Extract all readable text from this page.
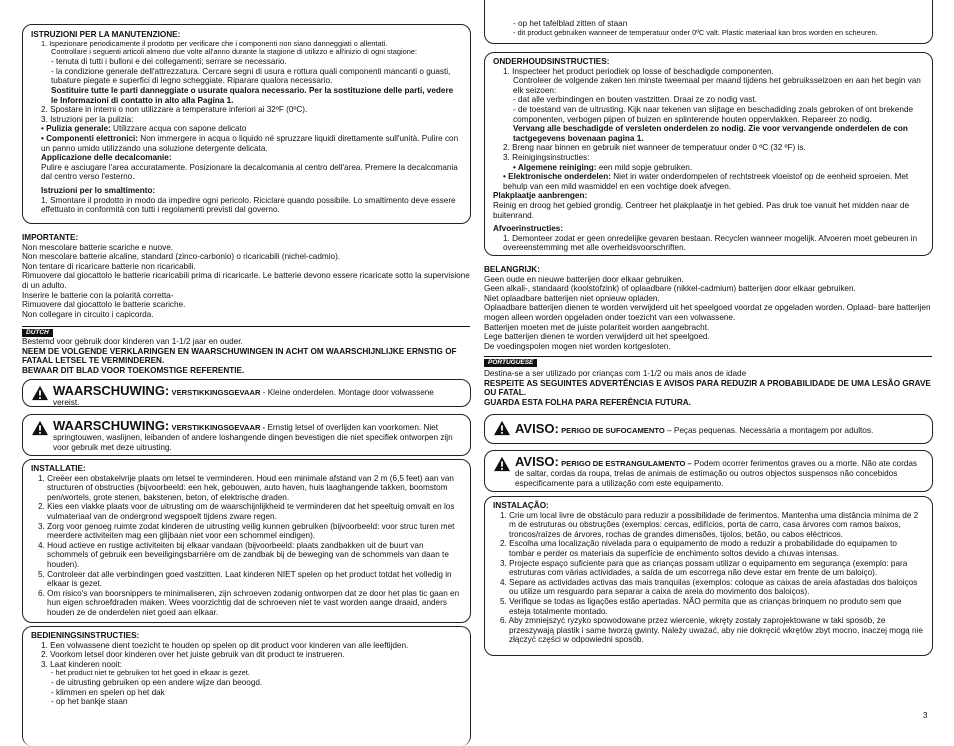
ISTRUZIONI PER LA MANUTENZIONE:

1. Ispezionare periodicamente il prodotto per verificare che i componenti non siano danneggiati o allentati.

Controllare i seguenti articoli almeno due volte all'anno durante la stagione di utilizzo e all'inizio di ogni stagione:

- tenuta di tutti i bulloni e dei collegamenti; serrare se necessario.

- la condizione generale dell'attrezzatura. Cercare segni di usura e rottura quali componenti mancanti o guasti, tubature piegate e superfici di legno scheggiate. Riparare qualora necessario.

Sostituire tutte le parti danneggiate o usurate qualora necessario. Per la sostituzione delle parti, vedere le Informazioni di contatto in alto alla Pagina 1.

2. Spostare in interni o non utilizzare a temperature inferiori ai 32ºF (0ºC).

3. Istruzioni per la pulizia:

• Pulizia generale: Utilizzare acqua con sapone delicato

• Componenti elettronici: Non immergere in acqua o liquido né spruzzare liquidi direttamente sull'unità. Pulire con un panno umido utilizzando una soluzione detergente delicata.

Applicazione delle decalcomanie:

Pulire e asciugare l'area accuratamente. Posizionare la decalcomania al centro dell'area. Premere la decalcomania dal centro verso l'esterno.

Istruzioni per lo smaltimento:

1. Smontare il prodotto in modo da impedire ogni pericolo. Riciclare quando possibile. Lo smaltimento deve essere effettuato in conformità con tutti i regolamenti previsti dal governo.

IMPORTANTE:

Non mescolare batterie scariche e nuove.

Non mescolare batterie alcaline, standard (zinco-carbonio) o ricaricabili (nichel-cadmio).

Non tentare di ricaricare batterie non ricaricabili.

Rimuovere dal giocattolo le batterie ricaricabili prima di ricaricarle. Le batterie devono essere ricaricate sotto la supervisione di un adulto.

Inserire le batterie con la polarità corretta-

Rimuovere dal giocattolo le batterie scariche.

Non collegare in circuito i capicorda.

DUTCH

Bestemd voor gebruik door kinderen van 1-1/2 jaar en ouder.

NEEM DE VOLGENDE VERKLARINGEN EN WAARSCHUWINGEN IN ACHT OM WAARSCHIJNLIJKE ERNSTIG OF FATAAL LETSEL TE VERMINDEREN.

BEWAAR DIT BLAD VOOR TOEKOMSTIGE REFERENTIE.

WAARSCHUWING: VERSTIKKINGSGEVAAR - Kleine onderdelen. Montage door volwassene vereist.
WAARSCHUWING: VERSTIKKINGSGEVAAR - Ernstig letsel of overlijden kan voorkomen. Niet springtouwen, waslijnen, leibanden of andere loshangende dingen bevestigen die niet specifiek ontworpen zijn voor gebruik met deze uitrusting.

INSTALLATIE:

1. Creëer een obstakelvrije plaats om letsel te verminderen. Houd een minimale afstand van 2 m (6,5 feet) aan van structuren of obstructies (bijvoorbeeld: een hek, gebouwen, auto haven, huis laaghangende takken, boomstom pen/wortels, grote stenen, bakstenen, beton, of elektrische draden.

2. Kies een vlakke plaats voor de uitrusting om de waarschijnlijkheid te verminderen dat het speeltuig omvalt en los vulmateriaal van de ondergrond wegspoelt tijdens zware regen.

3. Zorg voor genoeg ruimte zodat kinderen de uitrusting veilig kunnen gebruiken (bijvoorbeeld: voor struc turen met meerdere activiteiten mag een glijbaan niet voor een schommel eindigen).

4. Houd actieve en rustige activiteiten bij elkaar vandaan (bijvoorbeeld: plaats zandbakken uit de buurt van schommels of gebruik een beveiligingsbarrière om de zandbak bij de beweging van de schommels van daan te houden).

5. Controleer dat alle verbindingen goed vastzitten. Laat kinderen NIET spelen op het product totdat het volledig in elkaar is gezet.

6. Om risico's van boorsnippers te minimaliseren, zijn schroeven zodanig ontworpen dat ze door het plas tic gaan en hun eigen schroefdraden maken. Wees voorzichtig dat de schroeven niet te vast worden aange draaid, anders houden ze de onderdelen niet goed aan elkaar.

BEDIENINGSINSTRUCTIES:

1. Een volwassene dient toezicht te houden op spelen op dit product voor kinderen van alle leeftijden.

2. Voorkom letsel door kinderen over het juiste gebruik van dit product te instrueren.

3. Laat kinderen nooit:

- het product niet te gebruiken tot het goed in elkaar is gezet.

- de uitrusting gebruiken op een andere wijze dan beoogd.

- klimmen en spelen op het dak

- op het bankje staan

- op het tafelblad zitten of staan

- dit product gebruiken wanneer de temperatuur onder 0ºC valt. Plastic materiaal kan bros worden en scheuren.

ONDERHOUDSINSTRUCTIES:

1. Inspecteer het product periodiek op losse of beschadigde componenten.

Controleer de volgende zaken ten minste tweemaal per maand tijdens het gebruiksseizoen en aan het begin van elk seizoen:

- dat alle verbindingen en bouten vastzitten. Draai ze zo nodig vast.

- de toestand van de uitrusting. Kijk naar tekenen van slijtage en beschadiding zoals gebroken of ont brekende componenten, verbogen pijpen of buizen en splinterende houten oppervlakken. Repareer zo nodig.

Vervang alle beschadigde of versleten onderdelen zo nodig. Zie voor vervangende onderdelen de con tactgegevens bovenaan pagina 1.

2. Breng naar binnen en gebruik niet wanneer de temperatuur onder 0 ºC (32 ºF) is.

3. Reinigingsinstructies:

• Algemene reiniging: een mild sopje gebruiken.

• Elektronische onderdelen: Niet in water onderdompelen of rechtstreek vloeistof op de eenheid sproeien. Met behulp van een mild wasmiddel en een vochtige doek afvegen.

Plakplaatje aanbrengen:

Reinig en droog het gebied grondig. Centreer het plakplaatje in het gebied. Pas druk toe vanuit het midden naar de buitenrand.

Afvoerinstructies:

1. Demonteer zodat er geen onredelijke gevaren bestaan. Recyclen wanneer mogelijk. Afvoeren moet gebeuren in overeenstemming met alle overheidsvoorschriften.

BELANGRIJK:

Geen oude en nieuwe batterijen door elkaar gebruiken.

Geen alkali-, standaard (koolstofzink) of oplaadbare (nikkel-cadmium) batterijen door elkaar gebruiken.

Niet oplaadbare batterijen niet opnieuw opladen.

Oplaadbare batterijen dienen te worden verwijderd uit het speelgoed voordat ze opgeladen worden. Oplaad- bare batterijen mogen alleen worden opgeladen onder toezicht van een volwassene.

Batterijen moeten met de juiste polariteit worden aangebracht.

Lege batterijen dienen te worden verwijderd uit het speelgoed.

De voedingspolen mogen niet worden kortgesloten.

PORTUGUESE

Destina-se a ser utilizado por crianças com 1-1/2 ou mais anos de idade

RESPEITE AS SEGUINTES ADVERTÊNCIAS E AVISOS PARA REDUZIR A PROBABILIDADE DE UMA LESÃO GRAVE OU FATAL.

GUARDA ESTA FOLHA PARA REFERÊNCIA FUTURA.

AVISO: PERIGO DE SUFOCAMENTO – Peças pequenas. Necessária a montagem por adultos.
AVISO: PERIGO DE ESTRANGULAMENTO – Podem ocorrer ferimentos graves ou a morte. Não ate cordas de saltar, cordas da roupa, trelas de animais de estimação ou outros objectos suspensos não concebidos especificamente para a utilização com este equipamento.

INSTALAÇÃO:

1. Crie um local livre de obstáculo para reduzir a possibilidade de ferimentos. Mantenha uma distância mínima de 2 m de estruturas ou obstruções (exemplos: cercas, edifícios, porta de carro, casa árvores com ramos baixos, troncos/raízes de árvores, rochas de grandes dimensões, tijolos, betão, ou cabos eléctricos.

2. Escolha uma localização nivelada para o equipamento de modo a reduzir a probabilidade do equipamen to tombar e perder os materiais da superfície de enchimento soltos devido a chuvas intensas.

3. Projecte espaço suficiente para que as crianças possam utilizar o equipamento em segurança (exemplo: para estruturas com várias actividades, a saída de um escorrega não deve estar em frente de um baloiço).

4. Separe as actividades activas das mais tranquilas (exemplos: coloque as caixas de areia afastadas dos baloiços ou utilize um resguardo para separar a caixa de areia do movimento dos baloiços).

5. Verifique se todas as ligações estão apertadas. NÃO permita que as crianças brinquem no produto sem que esteja totalmente montado.

6. Aby zmniejszyć ryzyko spowodowane przez wiercenie, wkręty zostały zaprojektowane w taki sposób, że przeszywają plastik i same tworzą gwinty. Należy uważać, aby nie dokręcić wkrętów zbyt mocno, inaczej mogą nie złączyć części w odpowiedni sposób.

3
